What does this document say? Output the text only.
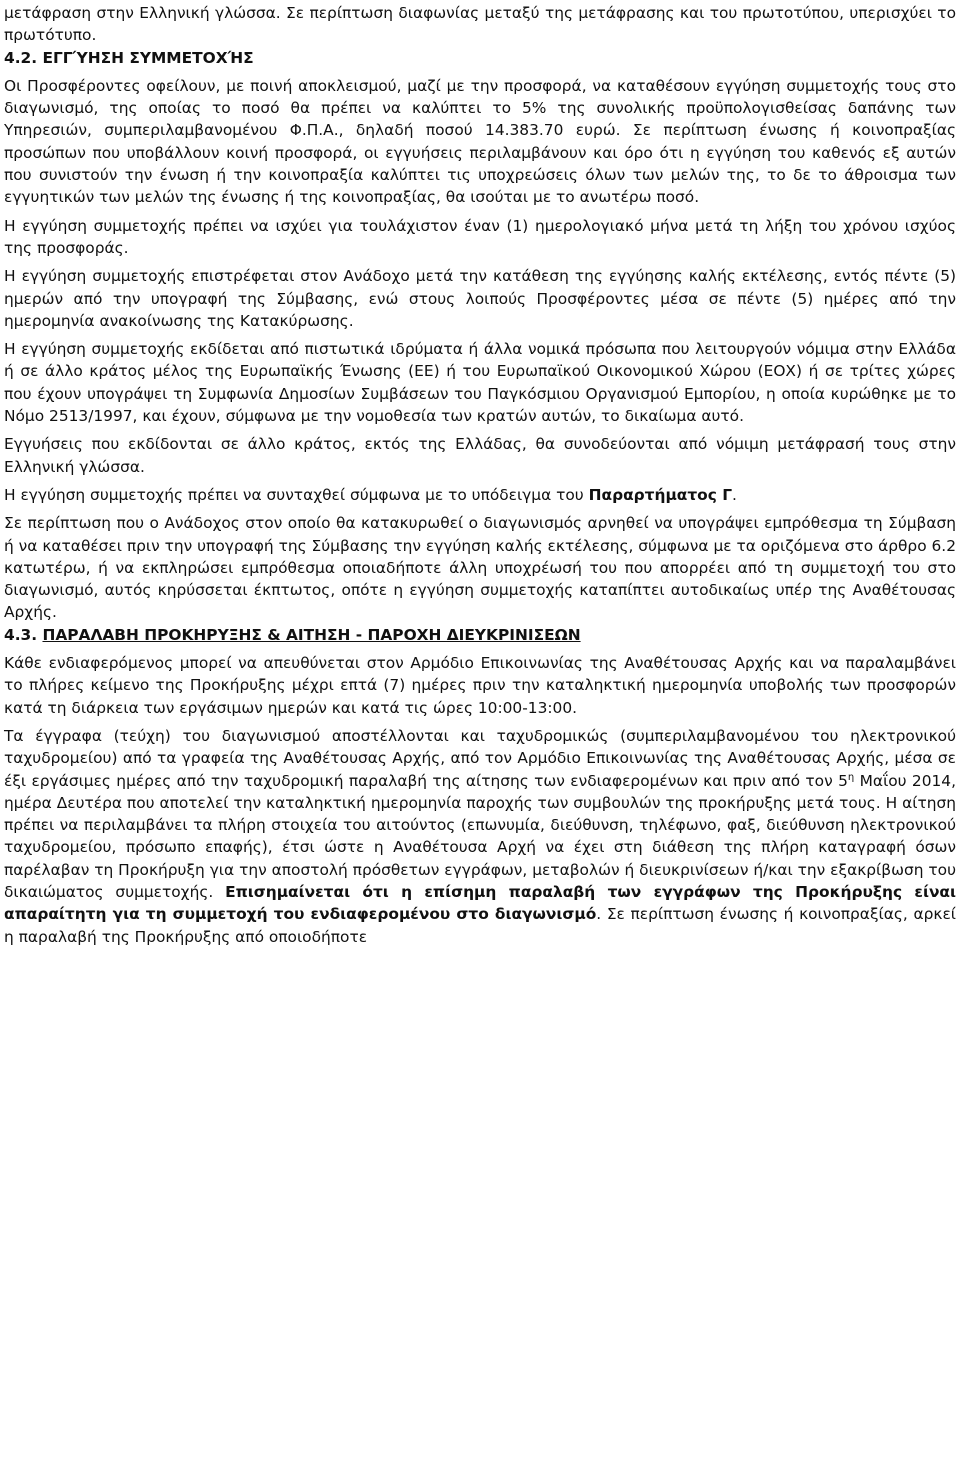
μετάφραση στην Ελληνική γλώσσα. Σε περίπτωση διαφωνίας μεταξύ της μετάφρασης και του πρωτοτύπου, υπερισχύει το πρωτότυπο.

4.2. ΕΓΓΎΗΣΗ ΣΥΜΜΕΤΟΧΉΣ

Οι Προσφέροντες οφείλουν, με ποινή αποκλεισμού, μαζί με την προσφορά, να καταθέσουν εγγύηση συμμετοχής τους στο διαγωνισμό, της οποίας το ποσό θα πρέπει να καλύπτει το 5% της συνολικής προϋπολογισθείσας δαπάνης των Υπηρεσιών, συμπεριλαμβανομένου Φ.Π.Α., δηλαδή ποσού 14.383.70 ευρώ. Σε περίπτωση ένωσης ή κοινοπραξίας προσώπων που υποβάλλουν κοινή προσφορά, οι εγγυήσεις περιλαμβάνουν και όρο ότι η εγγύηση του καθενός εξ αυτών που συνιστούν την ένωση ή την κοινοπραξία καλύπτει τις υποχρεώσεις όλων των μελών της, το δε το άθροισμα των εγγυητικών των μελών της ένωσης ή της κοινοπραξίας, θα ισούται με το ανωτέρω ποσό.

Η εγγύηση συμμετοχής πρέπει να ισχύει για τουλάχιστον έναν (1) ημερολογιακό μήνα μετά τη λήξη του χρόνου ισχύος της προσφοράς.

Η εγγύηση συμμετοχής επιστρέφεται στον Ανάδοχο μετά την κατάθεση της εγγύησης καλής εκτέλεσης, εντός πέντε (5) ημερών από την υπογραφή της Σύμβασης, ενώ στους λοιπούς Προσφέροντες μέσα σε πέντε (5) ημέρες από την ημερομηνία ανακοίνωσης της Κατακύρωσης.

Η εγγύηση συμμετοχής εκδίδεται από πιστωτικά ιδρύματα ή άλλα νομικά πρόσωπα που λειτουργούν νόμιμα στην Ελλάδα ή σε άλλο κράτος μέλος της Ευρωπαϊκής Ένωσης (ΕΕ) ή του Ευρωπαϊκού Οικονομικού Χώρου (ΕΟΧ) ή σε τρίτες χώρες που έχουν υπογράψει τη Συμφωνία Δημοσίων Συμβάσεων του Παγκόσμιου Οργανισμού Εμπορίου, η οποία κυρώθηκε με το Νόμο 2513/1997, και έχουν, σύμφωνα με την νομοθεσία των κρατών αυτών, το δικαίωμα αυτό.

Εγγυήσεις που εκδίδονται σε άλλο κράτος, εκτός της Ελλάδας, θα συνοδεύονται από νόμιμη μετάφρασή τους στην Ελληνική γλώσσα.

Η εγγύηση συμμετοχής πρέπει να συνταχθεί σύμφωνα με το υπόδειγμα του Παραρτήματος Γ.

Σε περίπτωση που ο Ανάδοχος στον οποίο θα κατακυρωθεί ο διαγωνισμός αρνηθεί να υπογράψει εμπρόθεσμα τη Σύμβαση ή να καταθέσει πριν την υπογραφή της Σύμβασης την εγγύηση καλής εκτέλεσης, σύμφωνα με τα οριζόμενα στο άρθρο 6.2 κατωτέρω, ή να εκπληρώσει εμπρόθεσμα οποιαδήποτε άλλη υποχρέωσή του που απορρέει από τη συμμετοχή του στο διαγωνισμό, αυτός κηρύσσεται έκπτωτος, οπότε η εγγύηση συμμετοχής καταπίπτει αυτοδικαίως υπέρ της Αναθέτουσας Αρχής.

4.3. ΠΑΡΑΛΑΒΗ ΠΡΟΚΗΡΥΞΗΣ & ΑΙΤΗΣΗ - ΠΑΡΟΧΗ ΔΙΕΥΚΡΙΝΙΣΕΩΝ

Κάθε ενδιαφερόμενος μπορεί να απευθύνεται στον Αρμόδιο Επικοινωνίας της Αναθέτουσας Αρχής και να παραλαμβάνει το πλήρες κείμενο της Προκήρυξης μέχρι επτά (7) ημέρες πριν την καταληκτική ημερομηνία υποβολής των προσφορών κατά τη διάρκεια των εργάσιμων ημερών και κατά τις ώρες 10:00-13:00.

Τα έγγραφα (τεύχη) του διαγωνισμού αποστέλλονται και ταχυδρομικώς (συμπεριλαμβανομένου του ηλεκτρονικού ταχυδρομείου) από τα γραφεία της Αναθέτουσας Αρχής, από τον Αρμόδιο Επικοινωνίας της Αναθέτουσας Αρχής, μέσα σε έξι εργάσιμες ημέρες από την ταχυδρομική παραλαβή της αίτησης των ενδιαφερομένων και πριν από τον $5^\eta$ Μαΐου 2014, ημέρα Δευτέρα που αποτελεί την καταληκτική ημερομηνία παροχής των συμβουλών της προκήρυξης μετά τους. Η αίτηση πρέπει να περιλαμβάνει τα πλήρη στοιχεία του αιτούντος (επωνυμία, διεύθυνση, τηλέφωνο, φαξ, διεύθυνση ηλεκτρονικού ταχυδρομείου, πρόσωπο επαφής), έτσι ώστε η Αναθέτουσα Αρχή να έχει στη διάθεση της πλήρη καταγραφή όσων παρέλαβαν τη Προκήρυξη για την αποστολή πρόσθετων εγγράφων, μεταβολών ή διευκρινίσεων ή/και την εξακρίβωση του δικαιώματος συμμετοχής. Επισημαίνεται ότι η επίσημη παραλαβή των εγγράφων της Προκήρυξης είναι απαραίτητη για τη συμμετοχή του ενδιαφερομένου στο διαγωνισμό. Σε περίπτωση ένωσης ή κοινοπραξίας, αρκεί η παραλαβή της Προκήρυξης από οποιοδήποτε
